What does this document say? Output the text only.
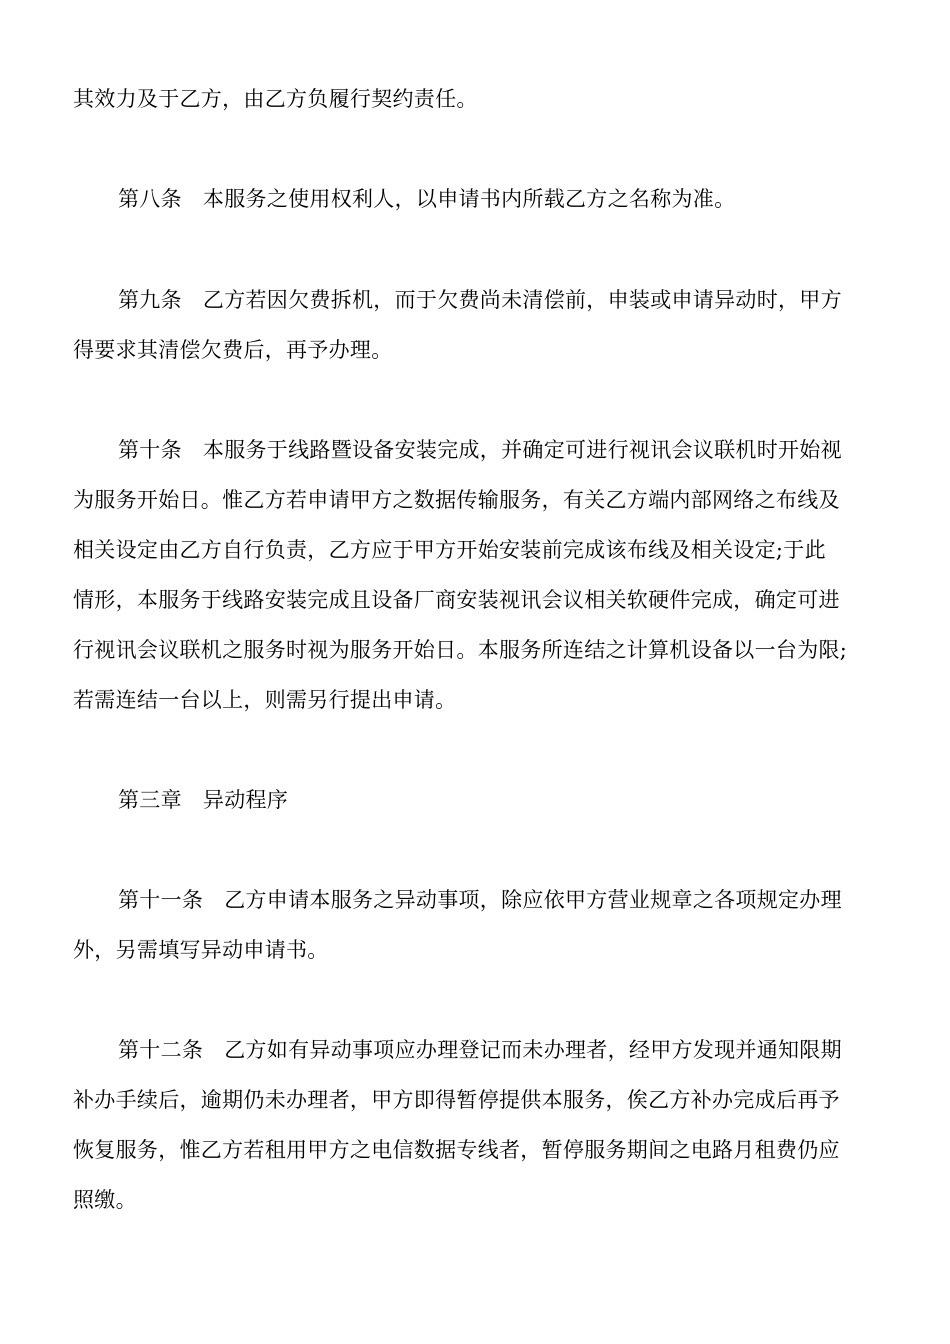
其效力及于乙方，由乙方负履行契约责任。
第八条 本服务之使用权利人，以申请书内所载乙方之名称为准。
第九条 乙方若因欠费拆机，而于欠费尚未清偿前，申装或申请异动时，甲方
得要求其清偿欠费后，再予办理。
第十条 本服务于线路暨设备安装完成，并确定可进行视讯会议联机时开始视
为服务开始日。惟乙方若申请甲方之数据传输服务，有关乙方端内部网络之布线及
相关设定由乙方自行负责，乙方应于甲方开始安装前完成该布线及相关设定;于此
情形，本服务于线路安装完成且设备厂商安装视讯会议相关软硬件完成，确定可进
行视讯会议联机之服务时视为服务开始日。本服务所连结之计算机设备以一台为限;
若需连结一台以上，则需另行提出申请。
第三章 异动程序
第十一条 乙方申请本服务之异动事项，除应依甲方营业规章之各项规定办理
外，另需填写异动申请书。
第十二条 乙方如有异动事项应办理登记而未办理者，经甲方发现并通知限期
补办手续后，逾期仍未办理者，甲方即得暂停提供本服务，俟乙方补办完成后再予
恢复服务，惟乙方若租用甲方之电信数据专线者，暂停服务期间之电路月租费仍应
照缴。
